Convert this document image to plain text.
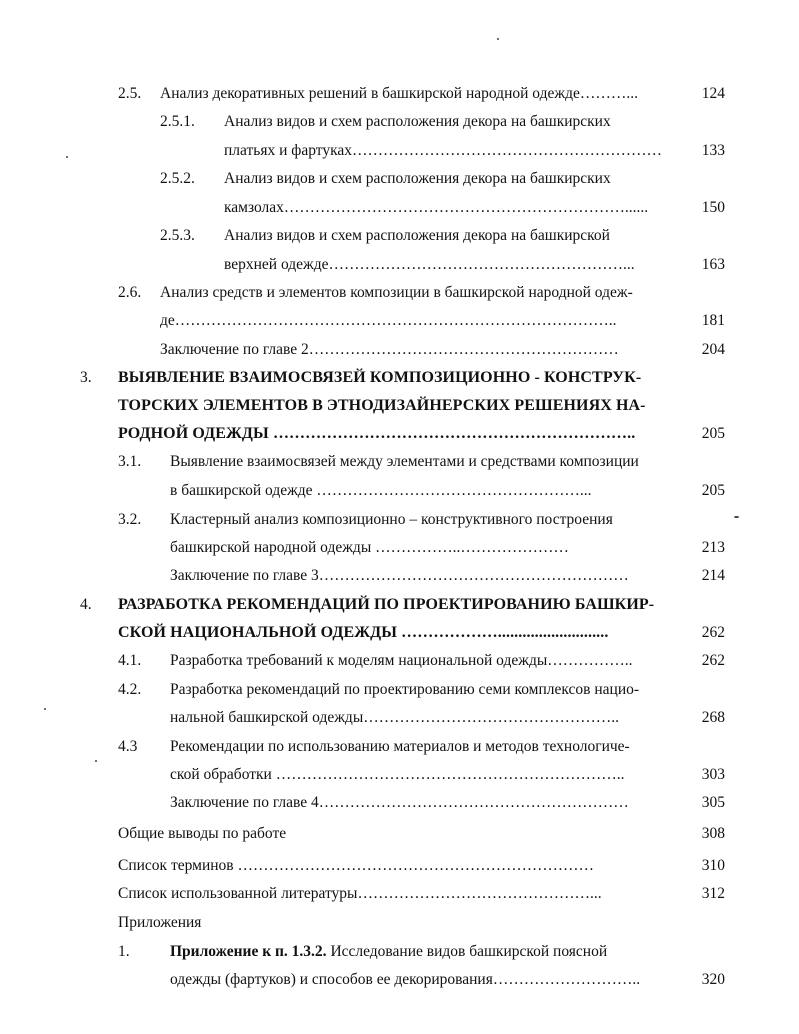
2.5. Анализ декоративных решений в башкирской народной одежде………...	124
2.5.1. Анализ видов и схем расположения декора на башкирских
платьях и фартуках……………………………………………………	133
2.5.2. Анализ видов и схем расположения декора на башкирских
камзолах…………………………………………………………......	150
2.5.3. Анализ видов и схем расположения декора на башкирской
верхней одежде…………………………………………………...	163
2.6. Анализ средств и элементов композиции в башкирской народной одеж-
де…………………………………………………………………………..	181
Заключение по главе 2……………………………………………………	204
3. ВЫЯВЛЕНИЕ ВЗАИМОСВЯЗЕЙ КОМПОЗИЦИОННО - КОНСТРУК-
ТОРСКИХ ЭЛЕМЕНТОВ В ЭТНОДИЗАЙНЕРСКИХ РЕШЕНИЯХ НА-
РОДНОЙ ОДЕЖДЫ …………………………………………………………..	205
3.1. Выявление взаимосвязей между элементами и средствами композиции
в башкирской одежде ……………………………………………...	205
3.2. Кластерный анализ композиционно – конструктивного построения
башкирской народной одежды ……………..…………………	213
Заключение по главе 3……………………………………………………	214
4. РАЗРАБОТКА РЕКОМЕНДАЦИЙ ПО ПРОЕКТИРОВАНИЮ БАШКИР-
СКОЙ НАЦИОНАЛЬНОЙ ОДЕЖДЫ ………………...........................	262
4.1. Разработка требований к моделям национальной одежды……………..	262
4.2. Разработка рекомендаций по проектированию семи комплексов нацио-
нальной башкирской одежды…………………………………………..	268
4.3 Рекомендации по использованию материалов и методов технологиче-
ской обработки …………………………………………………………..	303
Заключение по главе 4……………………………………………………	305
Общие выводы по работе	308
Список терминов ……………………………………………………………	310
Список использованной литературы………………………………………...	312
Приложения
1.	Приложение к п. 1.3.2. Исследование видов башкирской поясной
одежды (фартуков) и способов ее декорирования………………………..	320
